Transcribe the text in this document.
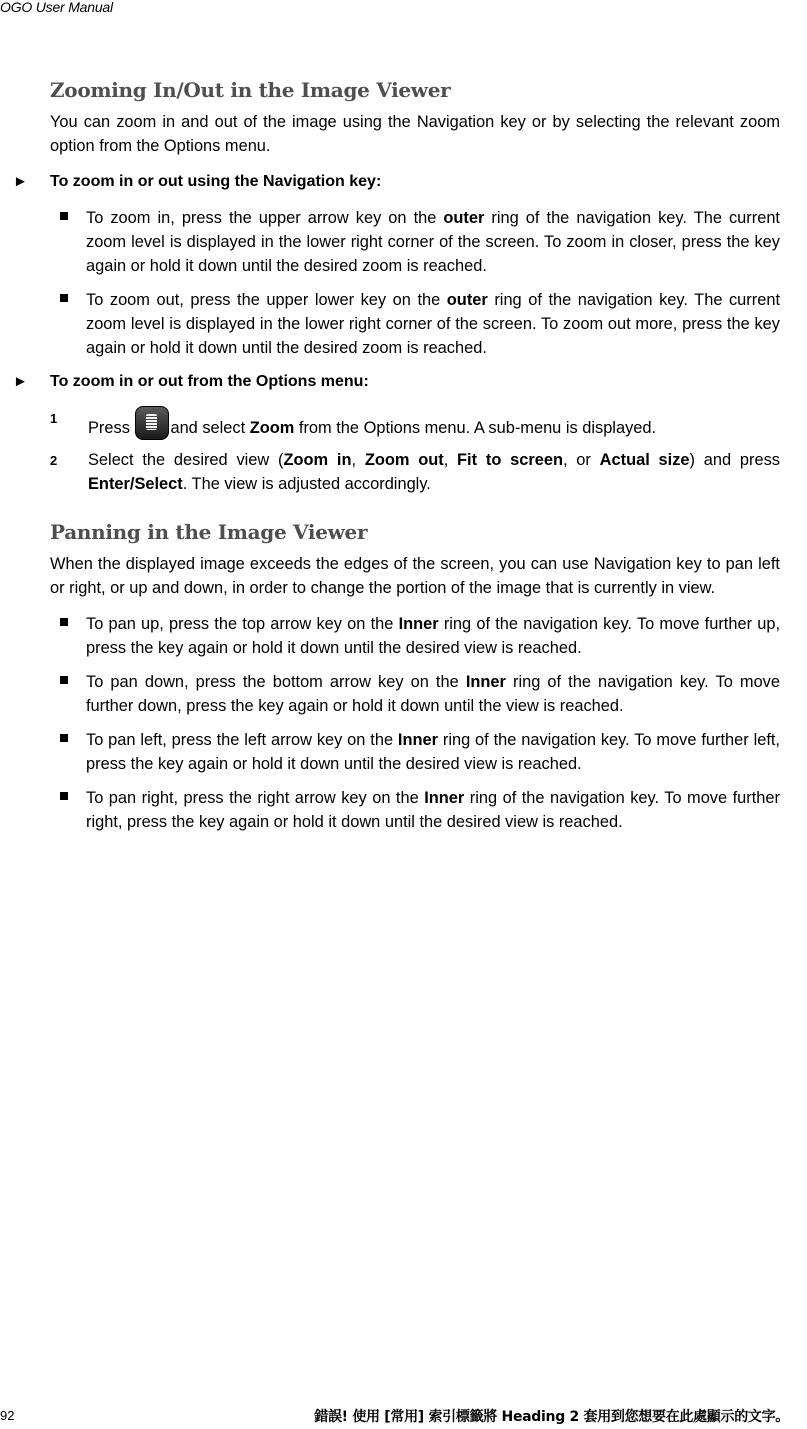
OGO User Manual
Zooming In/Out in the Image Viewer

You can zoom in and out of the image using the Navigation key or by selecting the relevant zoom option from the Options menu.

► To zoom in or out using the Navigation key:
To zoom in, press the upper arrow key on the outer ring of the navigation key. The current zoom level is displayed in the lower right corner of the screen. To zoom in closer, press the key again or hold it down until the desired zoom is reached.
To zoom out, press the upper lower key on the outer ring of the navigation key. The current zoom level is displayed in the lower right corner of the screen. To zoom out more, press the key again or hold it down until the desired zoom is reached.
► To zoom in or out from the Options menu:
1
Press
and select Zoom from the Options menu. A sub-menu is displayed.
2 Select the desired view (Zoom in, Zoom out, Fit to screen, or Actual size) and press Enter/Select. The view is adjusted accordingly.
Panning in the Image Viewer

When the displayed image exceeds the edges of the screen, you can use Navigation key to pan left or right, or up and down, in order to change the portion of the image that is currently in view.

To pan up, press the top arrow key on the Inner ring of the navigation key. To move further up, press the key again or hold it down until the desired view is reached.
To pan down, press the bottom arrow key on the Inner ring of the navigation key. To move further down, press the key again or hold it down until the view is reached.
To pan left, press the left arrow key on the Inner ring of the navigation key. To move further left, press the key again or hold it down until the desired view is reached.
To pan right, press the right arrow key on the Inner ring of the navigation key. To move further right, press the key again or hold it down until the desired view is reached.
92	錯誤! 使用 [常用] 索引標籤將 Heading 2 套用到您想要在此處顯示的文字。
